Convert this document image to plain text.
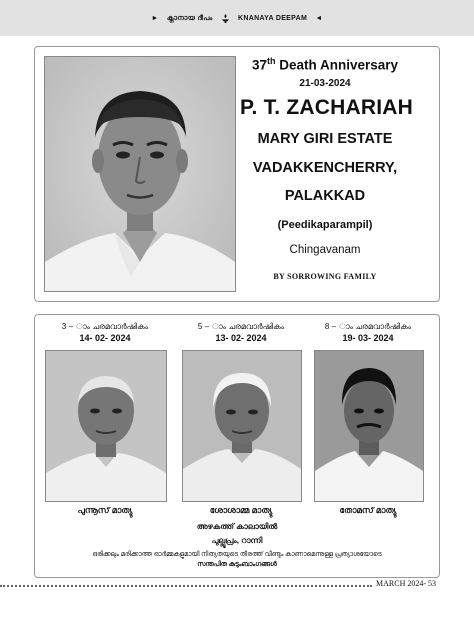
► ക്നാനായ ദീപം	KNANAYA DEEPAM ◄
37th Death Anniversary
21-03-2024
P. T. ZACHARIAH
MARY GIRI ESTATE
VADAKKENCHERRY,
PALAKKAD
(Peedikaparampil)
Chingavanam
BY SORROWING FAMILY
3 – ാം ചരമവാർഷികം
14- 02- 2024
5 – ാം ചരമവാർഷികം
13- 02- 2024
8 – ാം ചരമവാർഷികം
19- 03- 2024
പുന്നൂസ് മാത്യു	ശോശാമ്മ മാത്യു	തോമസ് മാത്യു
അഴകത്ത് കാലായിൽ
പുല്ലൂപ്രം, റാന്നി
ഒരിക്കലും മരിക്കാത്ത ഓർമ്മകളുമായി നിത്യതയുടെ തീരത്ത് വീണ്ടും കാണാമെന്നുള്ള പ്രത്യാശയോടെ
സന്തപിത കുടുംബാംഗങ്ങൾ
MARCH 2024- 53
